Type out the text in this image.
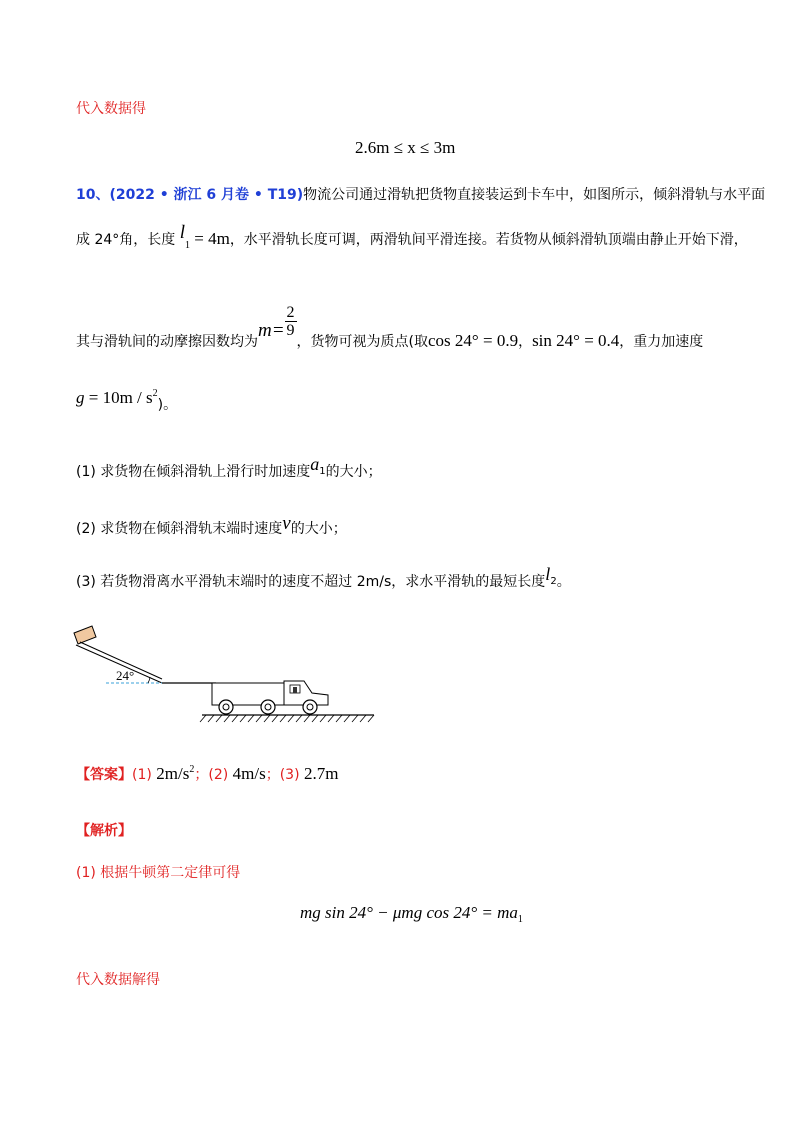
代入数据得
2.6m ≤ x ≤ 3m
10、(2022 • 浙江 6 月卷 • T19)物流公司通过滑轨把货物直接装运到卡车中，如图所示，倾斜滑轨与水平面
成 24°角，长度 $l_1 = 4m$，水平滑轨长度可调，两滑轨间平滑连接。若货物从倾斜滑轨顶端由静止开始下滑，
其与滑轨间的动摩擦因数均为$m= \frac{2}{9}$
，货物可视为质点(取cos 24° = 0.9，sin 24° = 0.4，重力加速度
$g = 10m / s^2$)。
(1) 求货物在倾斜滑轨上滑行时加速度$a_1$的大小；
(2) 求货物在倾斜滑轨末端时速度v的大小；
(3) 若货物滑离水平滑轨末端时的速度不超过 2m/s，求水平滑轨的最短长度$l_2$。
24°
【答案】(1) $2m/s^2$；(2) 4m/s；(3) 2.7m
【解析】
(1) 根据牛顿第二定律可得
mg sin 24° − μmg $\cos 24^\circ = ma_1$
代入数据解得
